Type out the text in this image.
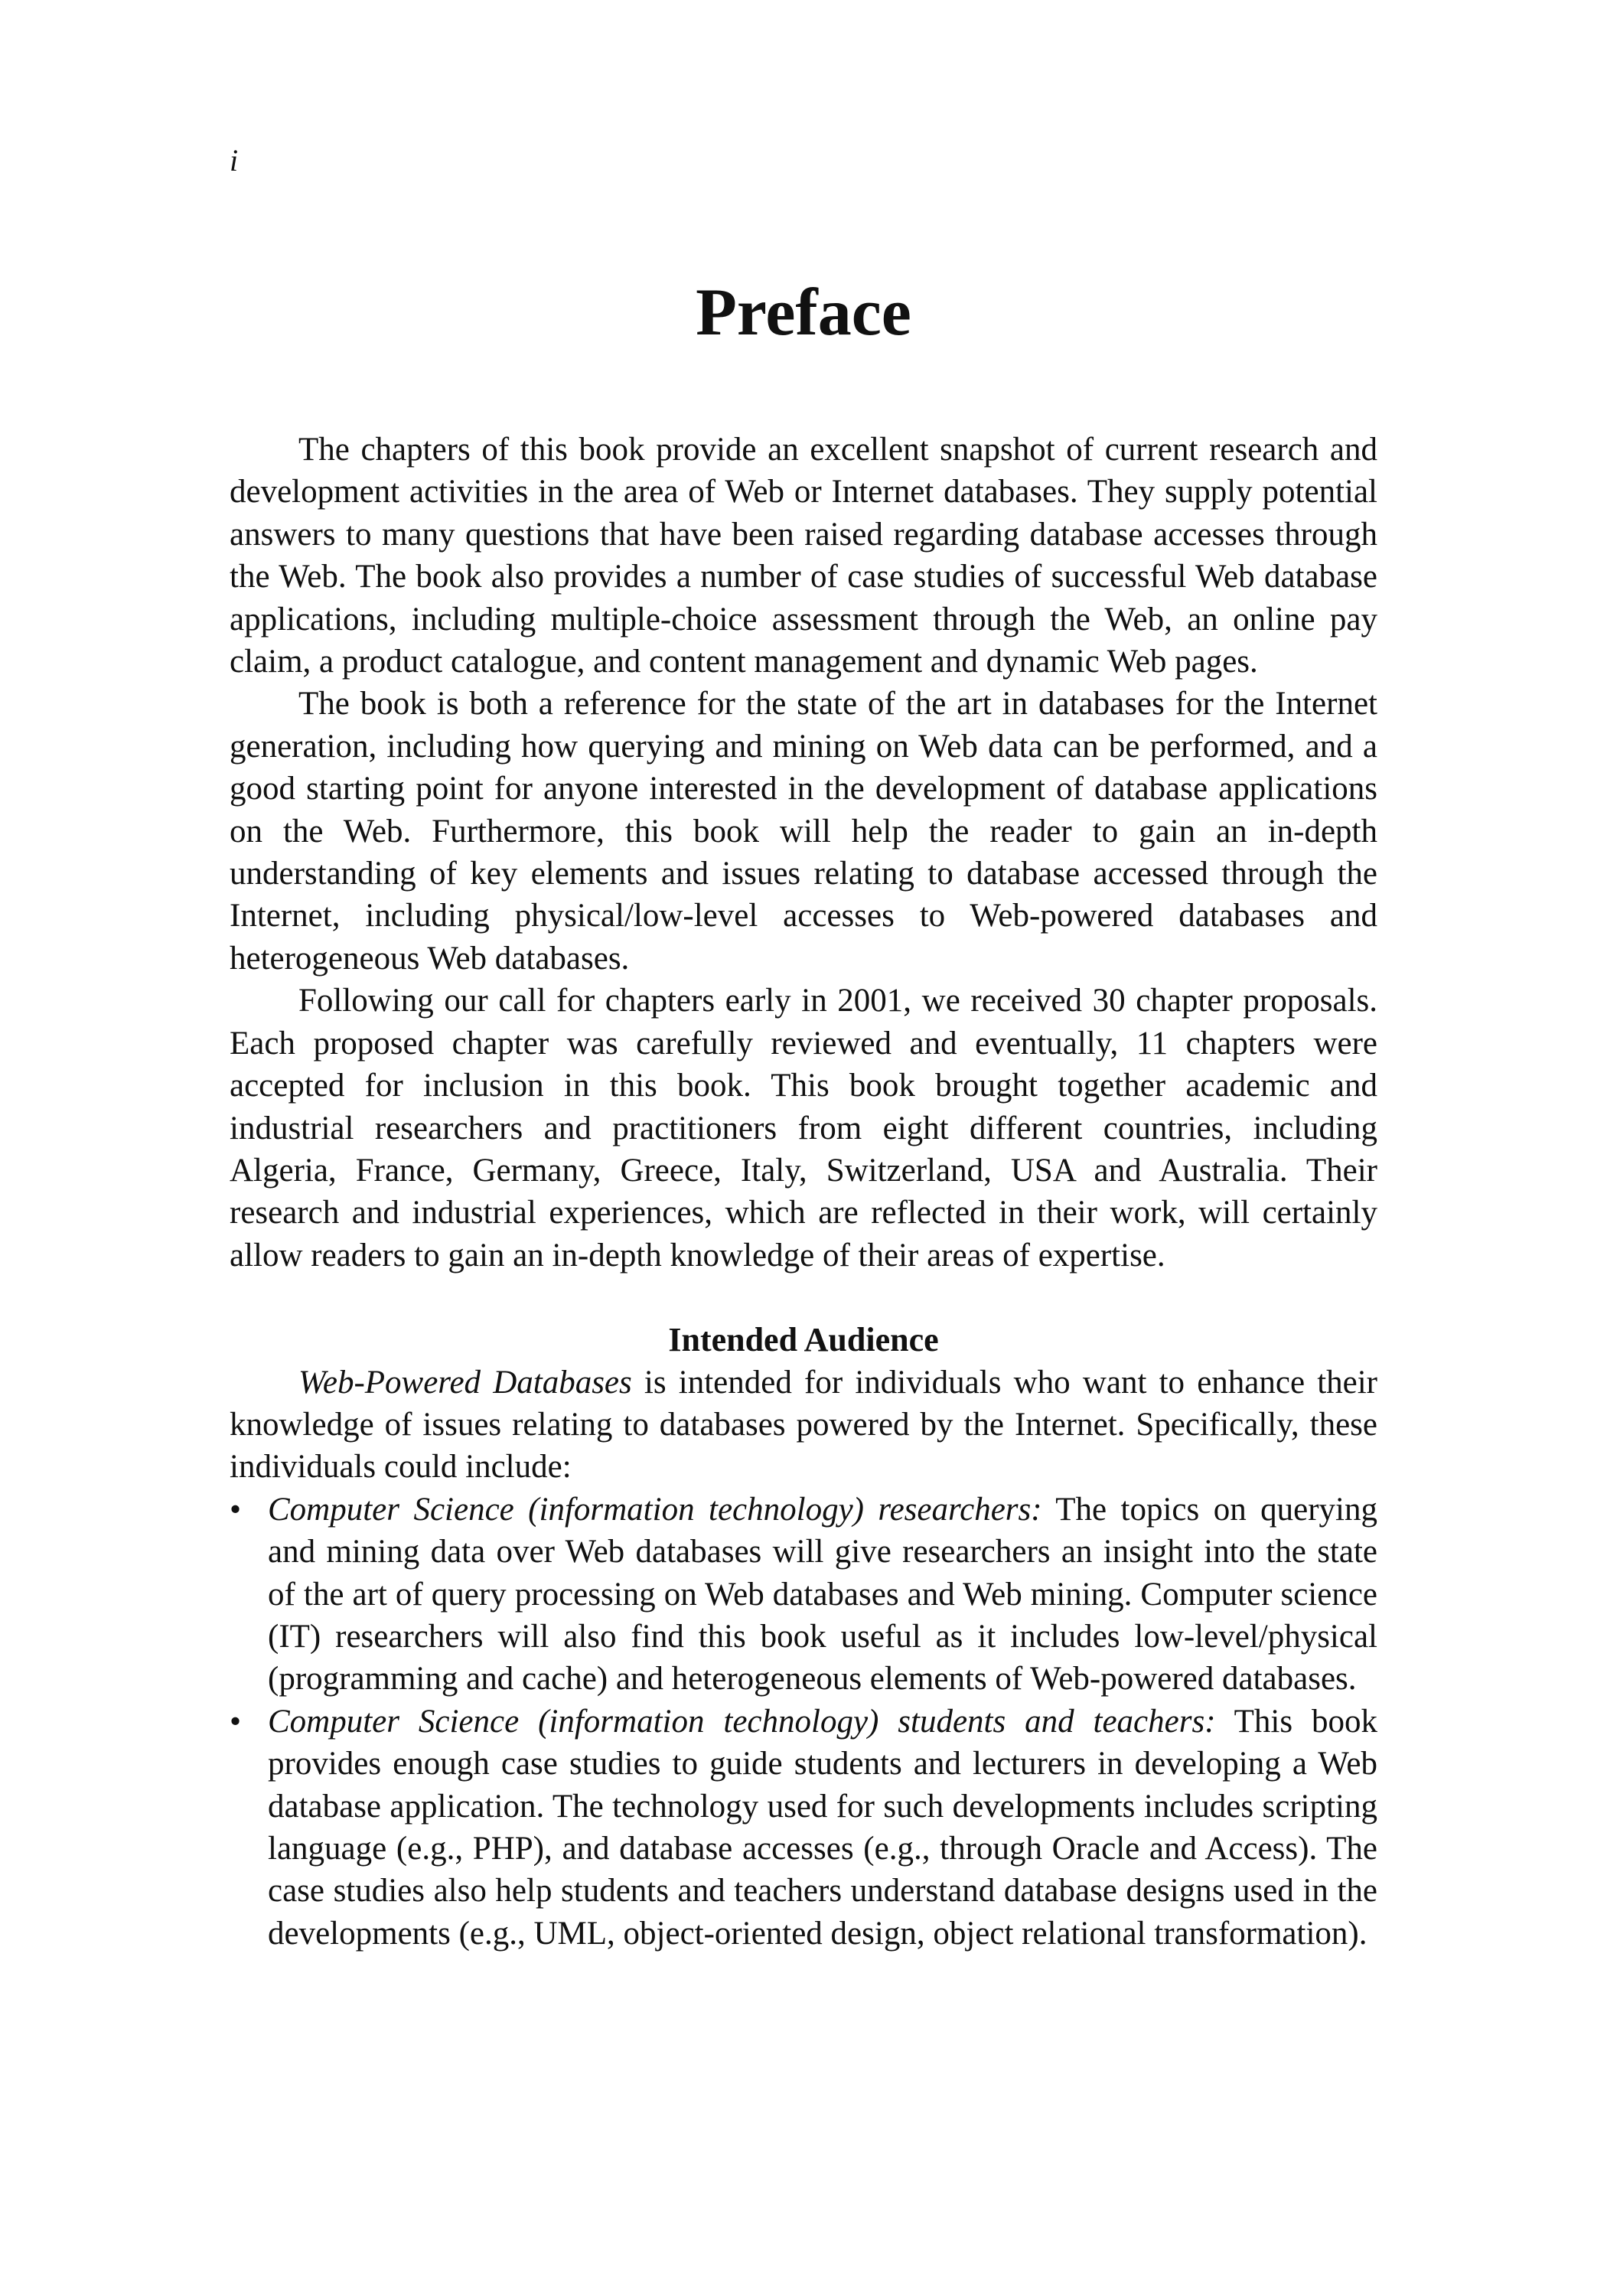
i
Preface

The chapters of this book provide an excellent snapshot of current research and development activities in the area of Web or Internet databases. They supply potential answers to many questions that have been raised regarding database accesses through the Web. The book also provides a number of case studies of successful Web database applications, including multiple-choice assessment through the Web, an online pay claim, a product catalogue, and content management and dynamic Web pages.

The book is both a reference for the state of the art in databases for the Internet generation, including how querying and mining on Web data can be performed, and a good starting point for anyone interested in the development of database applications on the Web. Furthermore, this book will help the reader to gain an in-depth understanding of key elements and issues relating to database accessed through the Internet, including physical/low-level accesses to Web-powered databases and heterogeneous Web databases.

Following our call for chapters early in 2001, we received 30 chapter proposals. Each proposed chapter was carefully reviewed and eventually, 11 chapters were accepted for inclusion in this book. This book brought together academic and industrial researchers and practitioners from eight different countries, including Algeria, France, Germany, Greece, Italy, Switzerland, USA and Australia. Their research and industrial experiences, which are reflected in their work, will certainly allow readers to gain an in-depth knowledge of their areas of expertise.

Intended Audience

Web-Powered Databases is intended for individuals who want to enhance their knowledge of issues relating to databases powered by the Internet. Specifically, these individuals could include:

• Computer Science (information technology) researchers: The topics on querying and mining data over Web databases will give researchers an insight into the state of the art of query processing on Web databases and Web mining. Computer science (IT) researchers will also find this book useful as it includes low-level/physical (programming and cache) and heterogeneous elements of Web-powered databases.
• Computer Science (information technology) students and teachers: This book provides enough case studies to guide students and lecturers in developing a Web database application. The technology used for such developments includes scripting language (e.g., PHP), and database accesses (e.g., through Oracle and Access). The case studies also help students and teachers understand database designs used in the developments (e.g., UML, object-oriented design, object relational transformation).
